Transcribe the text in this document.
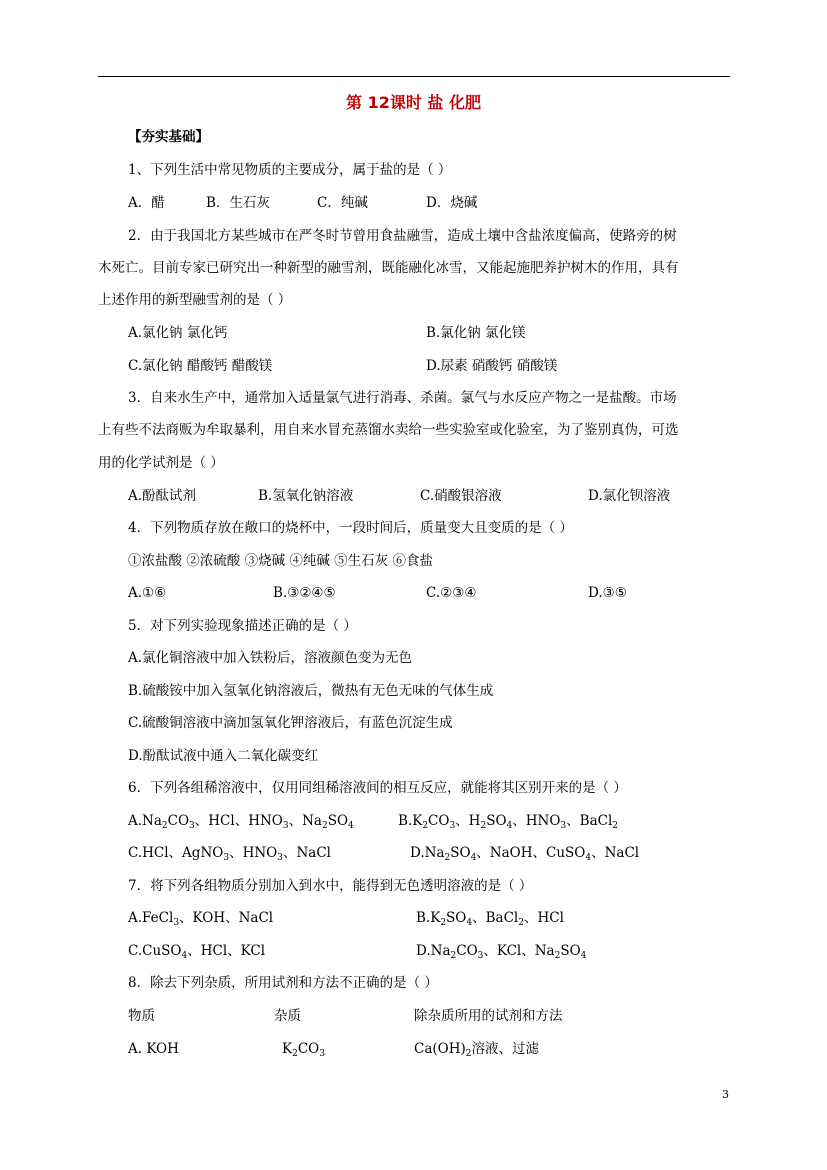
第 12课时 盐 化肥
【夯实基础】
1、下列生活中常见物质的主要成分，属于盐的是（ ）
A．醋	B．生石灰	C．纯碱	D．烧碱
2．由于我国北方某些城市在严冬时节曾用食盐融雪，造成土壤中含盐浓度偏高，使路旁的树
木死亡。目前专家已研究出一种新型的融雪剂，既能融化冰雪，又能起施肥养护树木的作用，具有
上述作用的新型融雪剂的是（ ）
A.氯化钠 氯化钙	B.氯化钠 氯化镁
C.氯化钠 醋酸钙 醋酸镁	D.尿素 硝酸钙 硝酸镁
3．自来水生产中，通常加入适量氯气进行消毒、杀菌。氯气与水反应产物之一是盐酸。市场
上有些不法商贩为牟取暴利，用自来水冒充蒸馏水卖给一些实验室或化验室，为了鉴别真伪，可选
用的化学试剂是（ ）
A.酚酞试剂	B.氢氧化钠溶液	C.硝酸银溶液	D.氯化钡溶液
4．下列物质存放在敞口的烧杯中，一段时间后，质量变大且变质的是（ ）
①浓盐酸 ②浓硫酸 ③烧碱 ④纯碱 ⑤生石灰 ⑥食盐
A.①⑥	B.③②④⑤	C.②③④	D.③⑤
5．对下列实验现象描述正确的是（ ）
A.氯化铜溶液中加入铁粉后，溶液颜色变为无色
B.硫酸铵中加入氢氧化钠溶液后，微热有无色无味的气体生成
C.硫酸铜溶液中滴加氢氧化钾溶液后，有蓝色沉淀生成
D.酚酞试液中通入二氧化碳变红
6．下列各组稀溶液中，仅用同组稀溶液间的相互反应，就能将其区别开来的是（ ）
$A.Na_2CO_3$、HCl、$HNO_3$、$Na_2SO_4$	$B.K_2CO_3$、$H_2SO_4$、$HNO_3$、BaCl$_2$
C.HCl、AgNO$_3$、$HNO_3$、NaCl	$D.Na_2SO_4$、NaOH、CuSO$_4$、NaCl
7．将下列各组物质分别加入到水中，能得到无色透明溶液的是（ ）
A.FeCl$_3$、KOH、NaCl	$B.K_2SO_4$、BaCl$_2$、HCl
C.CuSO$_4$、HCl、KCl	$D.Na_2CO_3$、KCl、$Na_2SO_4$
8．除去下列杂质，所用试剂和方法不正确的是（ ）
物质	杂质	除杂质所用的试剂和方法
A. KOH	$K_2CO_3$	$Ca(OH)_2$溶液、过滤
3
